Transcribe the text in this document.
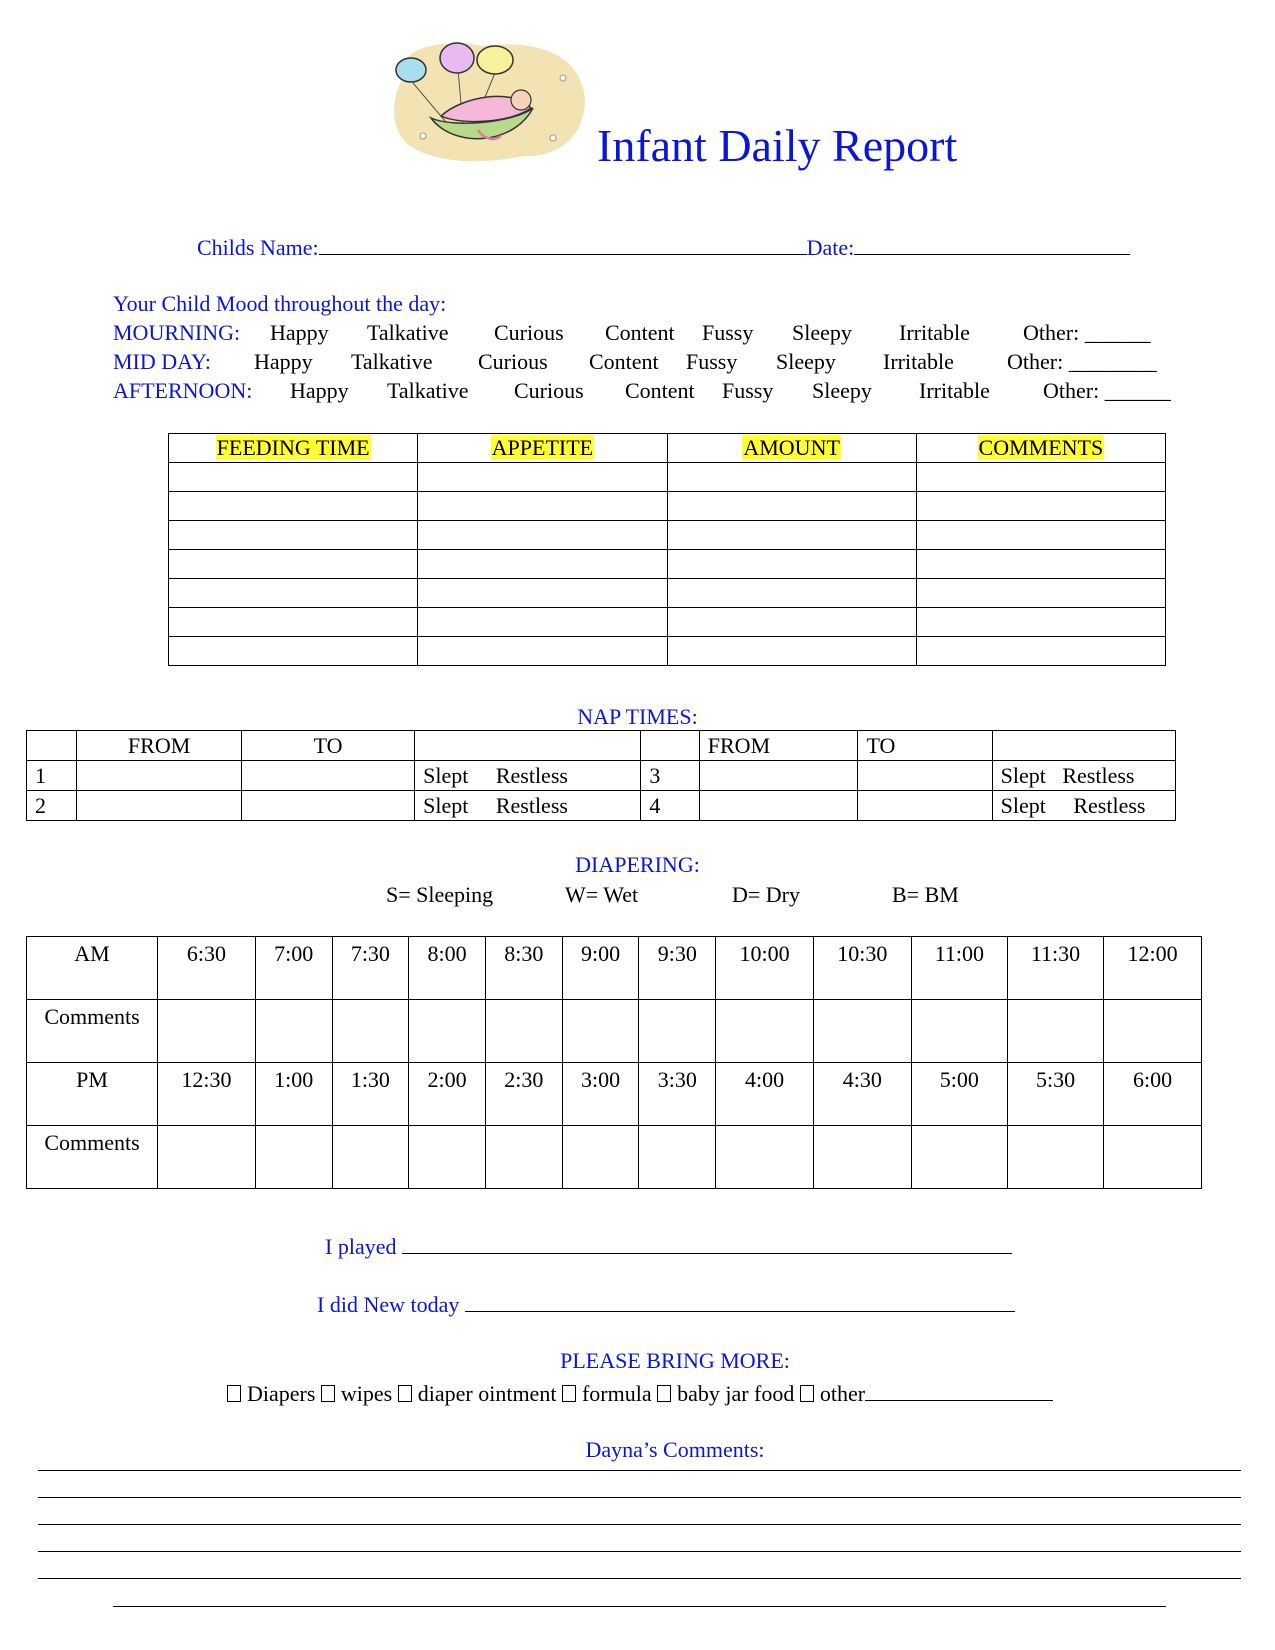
Infant Daily Report
Childs Name:	Date:
Your Child Mood throughout the day:
MOURNING: Happy Talkative Curious Content Fussy Sleepy Irritable Other: ______
MID DAY: Happy Talkative Curious Content Fussy Sleepy Irritable Other: ________
AFTERNOON: Happy Talkative Curious Content Fussy Sleepy Irritable Other: ______
FEEDING TIME	APPETITE	AMOUNT	COMMENTS

NAP TIMES:
	FROM	TO			FROM	TO	
1			Slept Restless	3			Slept Restless
2			Slept Restless	4			Slept Restless
DIAPERING:
S= Sleeping	W= Wet	D= Dry	B= BM
AM	6:30	7:00	7:30	8:00	8:30	9:00	9:30	10:00	10:30	11:00	11:30	12:00
Comments												
PM	12:30	1:00	1:30	2:00	2:30	3:00	3:30	4:00	4:30	5:00	5:30	6:00
Comments												
I played
I did New today
PLEASE BRING MORE:
Diapers wipes diaper ointment formula baby jar food other
Dayna’s Comments:
